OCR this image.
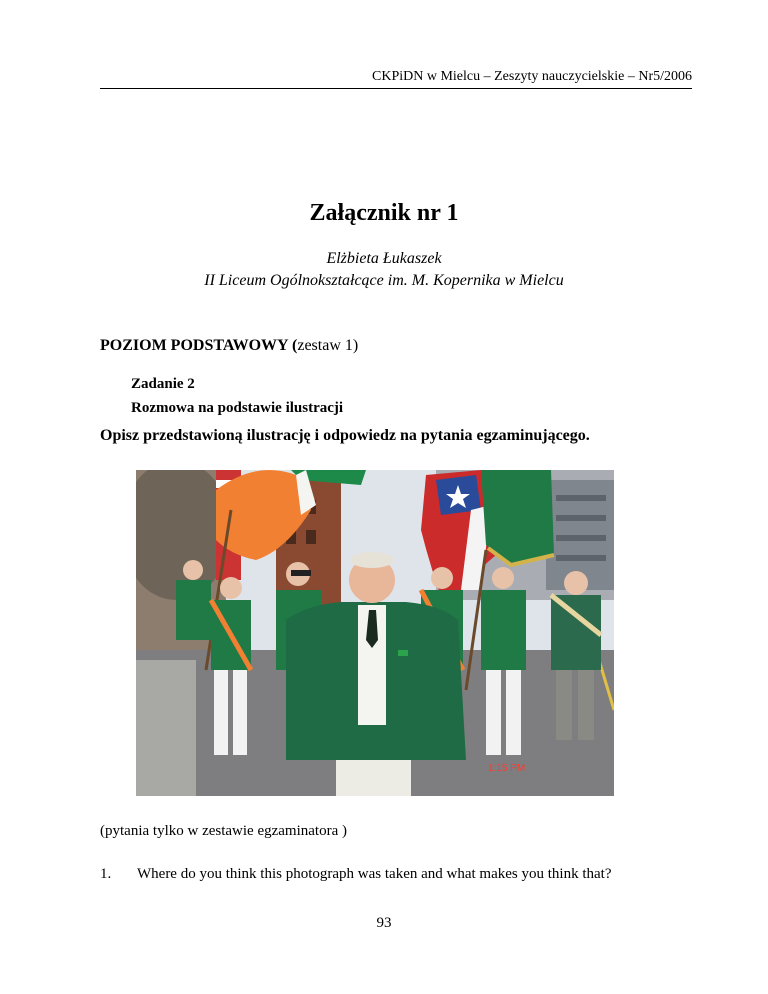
CKPiDN w Mielcu – Zeszyty nauczycielskie – Nr5/2006
Załącznik nr 1
Elżbieta Łukaszek
II Liceum Ogólnokształcące im. M. Kopernika w Mielcu
POZIOM PODSTAWOWY (zestaw 1)
Zadanie 2
Rozmowa na podstawie ilustracji
Opisz przedstawioną ilustrację i odpowiedz na pytania egzaminującego.
1:15 PM
(pytania tylko w zestawie egzaminatora )
1. Where do you think this photograph was taken and what makes you think that?
93
